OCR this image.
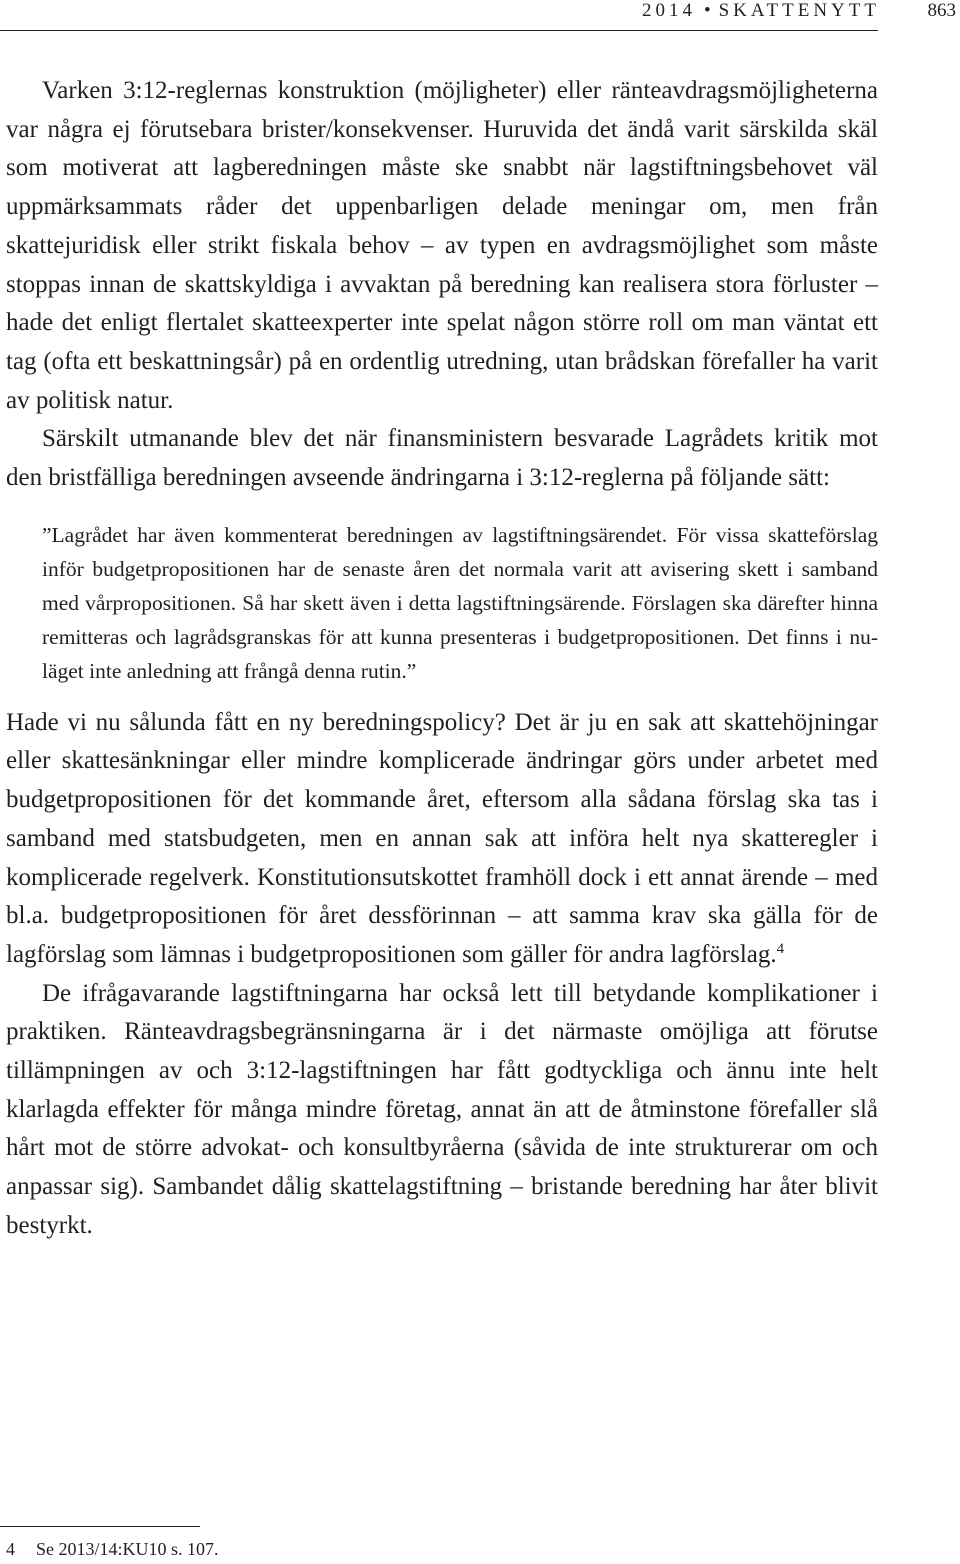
2014 • SKATTENYTT	863

Varken 3:12-reglernas konstruktion (möjligheter) eller ränteavdragsmöjligheterna var några ej förutsebara brister/konsekvenser. Huruvida det ändå varit särskilda skäl som motiverat att lagberedningen måste ske snabbt när lagstiftningsbehovet väl uppmärksammats råder det uppenbarligen delade meningar om, men från skattejuridisk eller strikt fiskala behov – av typen en avdragsmöjlighet som måste stoppas innan de skattskyldiga i avvaktan på beredning kan realisera stora förluster – hade det enligt flertalet skatteexperter inte spelat någon större roll om man väntat ett tag (ofta ett beskattningsår) på en ordentlig utredning, utan brådskan förefaller ha varit av politisk natur.

Särskilt utmanande blev det när finansministern besvarade Lagrådets kritik mot den bristfälliga beredningen avseende ändringarna i 3:12-reglerna på följande sätt:

”Lagrådet har även kommenterat beredningen av lagstiftningsärendet. För vissa skatteförslag inför budgetpropositionen har de senaste åren det normala varit att avisering skett i samband med vårpropositionen. Så har skett även i detta lagstiftningsärende. Förslagen ska därefter hinna remitteras och lagrådsgranskas för att kunna presenteras i budgetpropositionen. Det finns i nuläget inte anledning att frångå denna rutin.”

Hade vi nu sålunda fått en ny beredningspolicy? Det är ju en sak att skattehöjningar eller skattesänkningar eller mindre komplicerade ändringar görs under arbetet med budgetpropositionen för det kommande året, eftersom alla sådana förslag ska tas i samband med statsbudgeten, men en annan sak att införa helt nya skatteregler i komplicerade regelverk. Konstitutionsutskottet framhöll dock i ett annat ärende – med bl.a. budgetpropositionen för året dessförinnan – att samma krav ska gälla för de lagförslag som lämnas i budgetpropositionen som gäller för andra lagförslag.$^4$

De ifrågavarande lagstiftningarna har också lett till betydande komplikationer i praktiken. Ränteavdragsbegränsningarna är i det närmaste omöjliga att förutse tillämpningen av och 3:12-lagstiftningen har fått godtyckliga och ännu inte helt klarlagda effekter för många mindre företag, annat än att de åtminstone förefaller slå hårt mot de större advokat- och konsultbyråerna (såvida de inte strukturerar om och anpassar sig). Sambandet dålig skattelagstiftning – bristande beredning har åter blivit bestyrkt.

4 Se 2013/14:KU10 s. 107.
